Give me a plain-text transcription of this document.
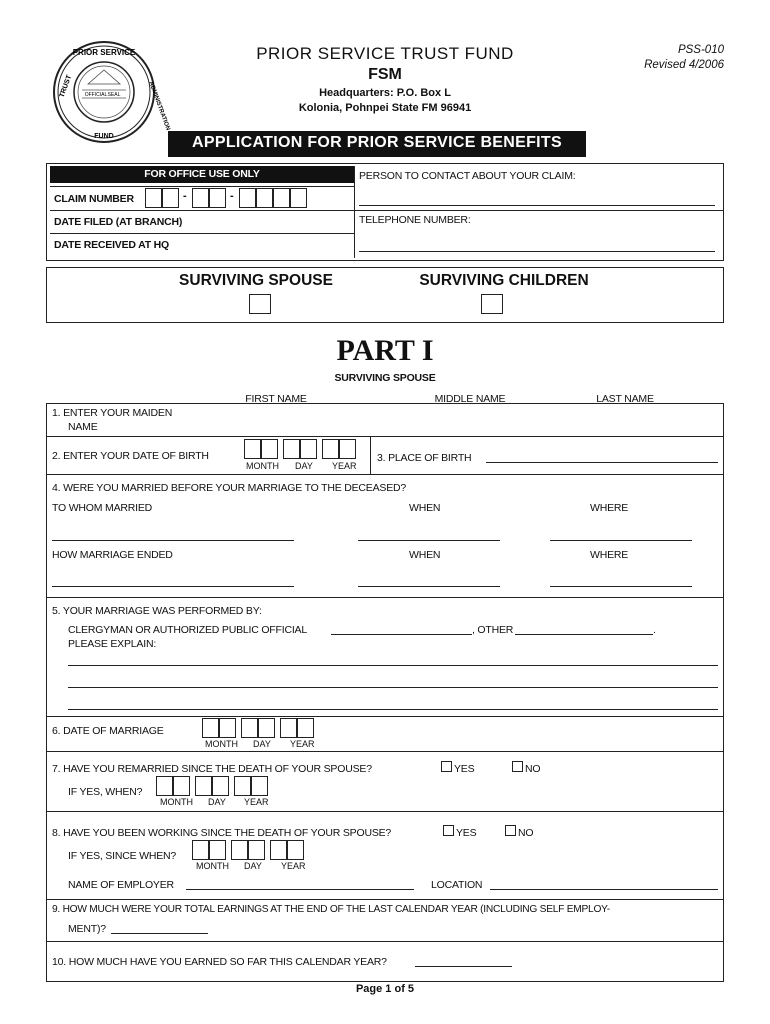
PRIOR SERVICE
TRUST	ADMINISTRATION
FUND
OFFICIAL SEAL
PRIOR SERVICE TRUST FUND
FSM
Headquarters: P.O. Box L
Kolonia, Pohnpei State FM 96941
PSS-010
Revised 4/2006
APPLICATION FOR PRIOR SERVICE BENEFITS
FOR OFFICE USE ONLY
CLAIM NUMBER	-	-
DATE FILED (AT BRANCH)
DATE RECEIVED AT HQ
PERSON TO CONTACT ABOUT YOUR CLAIM:
TELEPHONE NUMBER:
SURVIVING SPOUSE	SURVIVING CHILDREN
PART I
SURVIVING SPOUSE
FIRST NAME	MIDDLE NAME	LAST NAME
1. ENTER YOUR MAIDEN
NAME
2. ENTER YOUR DATE OF BIRTH
MONTH DAY YEAR
3. PLACE OF BIRTH
4. WERE YOU MARRIED BEFORE YOUR MARRIAGE TO THE DECEASED?
TO WHOM MARRIED	WHEN	WHERE
HOW MARRIAGE ENDED	WHEN	WHERE
5. YOUR MARRIAGE WAS PERFORMED BY:
CLERGYMAN OR AUTHORIZED PUBLIC OFFICIAL	, OTHER	.
PLEASE EXPLAIN:
6. DATE OF MARRIAGE
MONTH DAY YEAR
7. HAVE YOU REMARRIED SINCE THE DEATH OF YOUR SPOUSE?	YES	NO
IF YES, WHEN?
MONTH DAY YEAR
8. HAVE YOU BEEN WORKING SINCE THE DEATH OF YOUR SPOUSE?	YES	NO
IF YES, SINCE WHEN?
MONTH DAY YEAR
NAME OF EMPLOYER	LOCATION
9. HOW MUCH WERE YOUR TOTAL EARNINGS AT THE END OF THE LAST CALENDAR YEAR (INCLUDING SELF EMPLOY-
MENT)?
10. HOW MUCH HAVE YOU EARNED SO FAR THIS CALENDAR YEAR?
Page 1 of 5
